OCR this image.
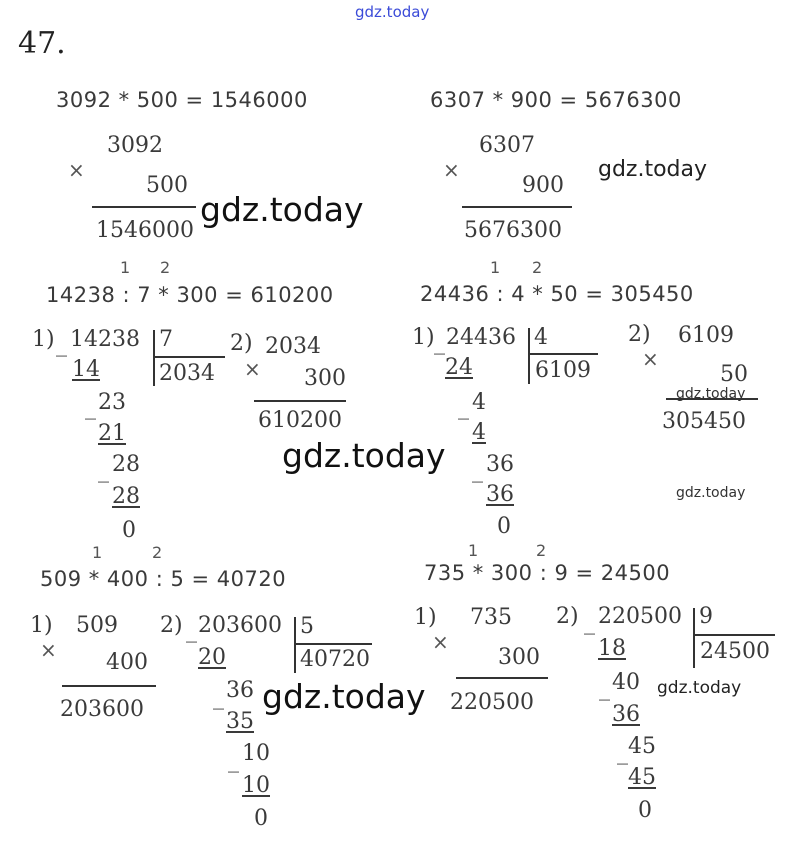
gdz.today
47.
3092 * 500 = 1546000
×
3092
500
1546000
gdz.today
6307 * 900 = 5676300
×
6307
900
5676300
gdz.today
1 2
14238 : 7 * 300 = 610200
1) _ 14238 7
2034
14
_ 23
21
_ 28
28
0
2) 2034
× 300
610200
gdz.today
1 2
24436 : 4 * 50 = 305450
1) _ 24436 4
6109
24
_ 4
4
_ 36
36
0
2) 6109
×
50
305450
gdz.today
gdz.today
1	2
509 * 400 : 5 = 40720
1) 509
× 400
203600
2) _ 203600 5
40720
20
_ 36
35
_ 10
10
0
gdz.today
1	2
735 * 300 : 9 = 24500
1) 735
×
300
220500
2) _ 220500 9
24500
18
_ 40
36
_ 45
45
0
gdz.today
